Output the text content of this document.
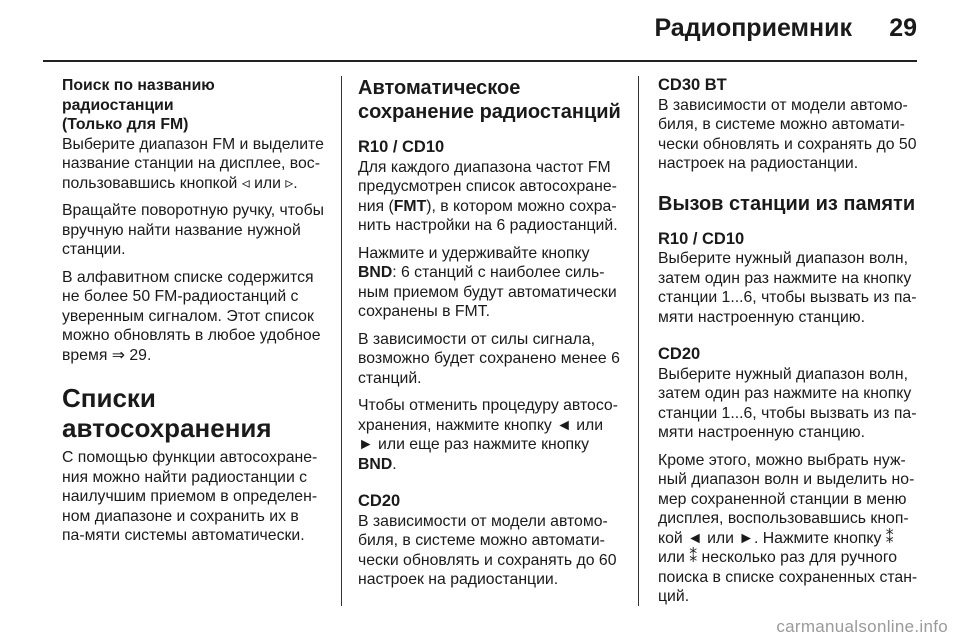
Радиоприемник 29
Поиск по названию радиостанции
(Только для FM)

Выберите диапазон FM и выделите название станции на дисплее, вос-пользовавшись кнопкой ◃ или ▹.

Вращайте поворотную ручку, чтобы вручную найти название нужной станции.

В алфавитном списке содержится не более 50 FM-радиостанций с уверенным сигналом. Этот список можно обновлять в любое удобное время ⇒ 29.

Списки автосохранения

С помощью функции автосохране-ния можно найти радиостанции с наилучшим приемом в определен-ном диапазоне и сохранить их в па-мяти системы автоматически.

Автоматическое сохранение радиостанций
R10 / CD10

Для каждого диапазона частот FM предусмотрен список автосохране-ния (FMT), в котором можно сохра-нить настройки на 6 радиостанций.

Нажмите и удерживайте кнопку BND: 6 станций с наиболее силь-ным приемом будут автоматически сохранены в FMT.

В зависимости от силы сигнала, возможно будет сохранено менее 6 станций.

Чтобы отменить процедуру автосо-хранения, нажмите кнопку ◄ или ► или еще раз нажмите кнопку BND.

CD20

В зависимости от модели автомо-биля, в системе можно автомати-чески обновлять и сохранять до 60 настроек на радиостанции.

CD30 BT

В зависимости от модели автомо-биля, в системе можно автомати-чески обновлять и сохранять до 50 настроек на радиостанции.

Вызов станции из памяти
R10 / CD10

Выберите нужный диапазон волн, затем один раз нажмите на кнопку станции 1...6, чтобы вызвать из па-мяти настроенную станцию.

CD20

Выберите нужный диапазон волн, затем один раз нажмите на кнопку станции 1...6, чтобы вызвать из па-мяти настроенную станцию.

Кроме этого, можно выбрать нуж-ный диапазон волн и выделить но-мер сохраненной станции в меню дисплея, воспользовавшись кноп-кой ◄ или ►. Нажмите кнопку ⁑ или ⁑ несколько раз для ручного поиска в списке сохраненных стан-ций.

carmanualsonline.info
